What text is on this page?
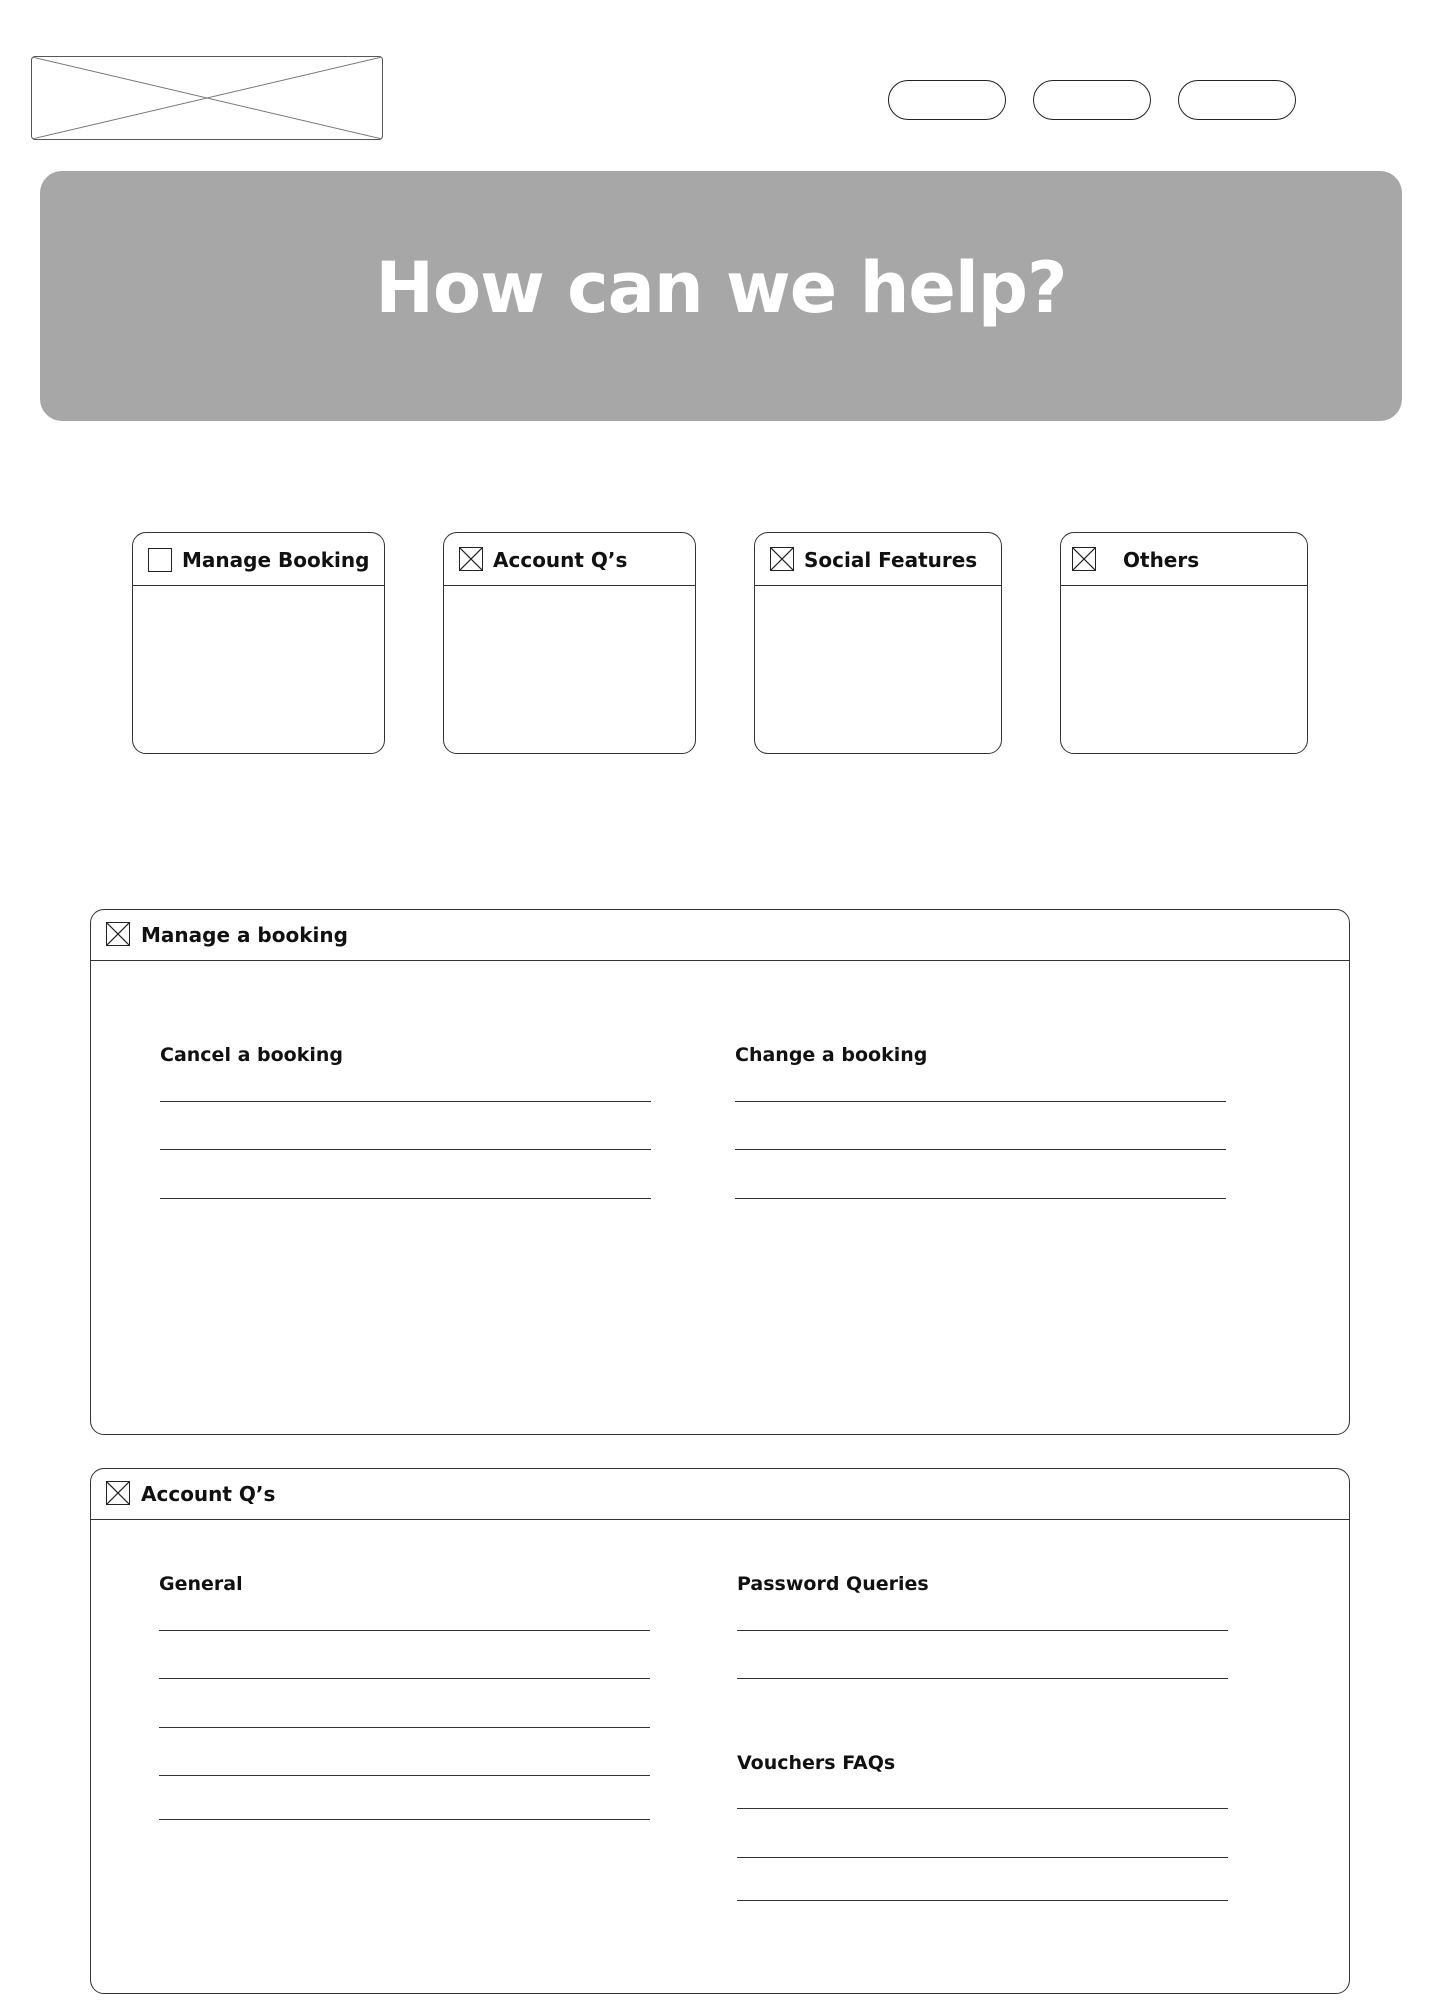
How can we help?
Manage Booking	Account Q’s	Social Features	Others
Manage a booking
Cancel a booking	Change a booking
Account Q’s
General	Password Queries
Vouchers FAQs
